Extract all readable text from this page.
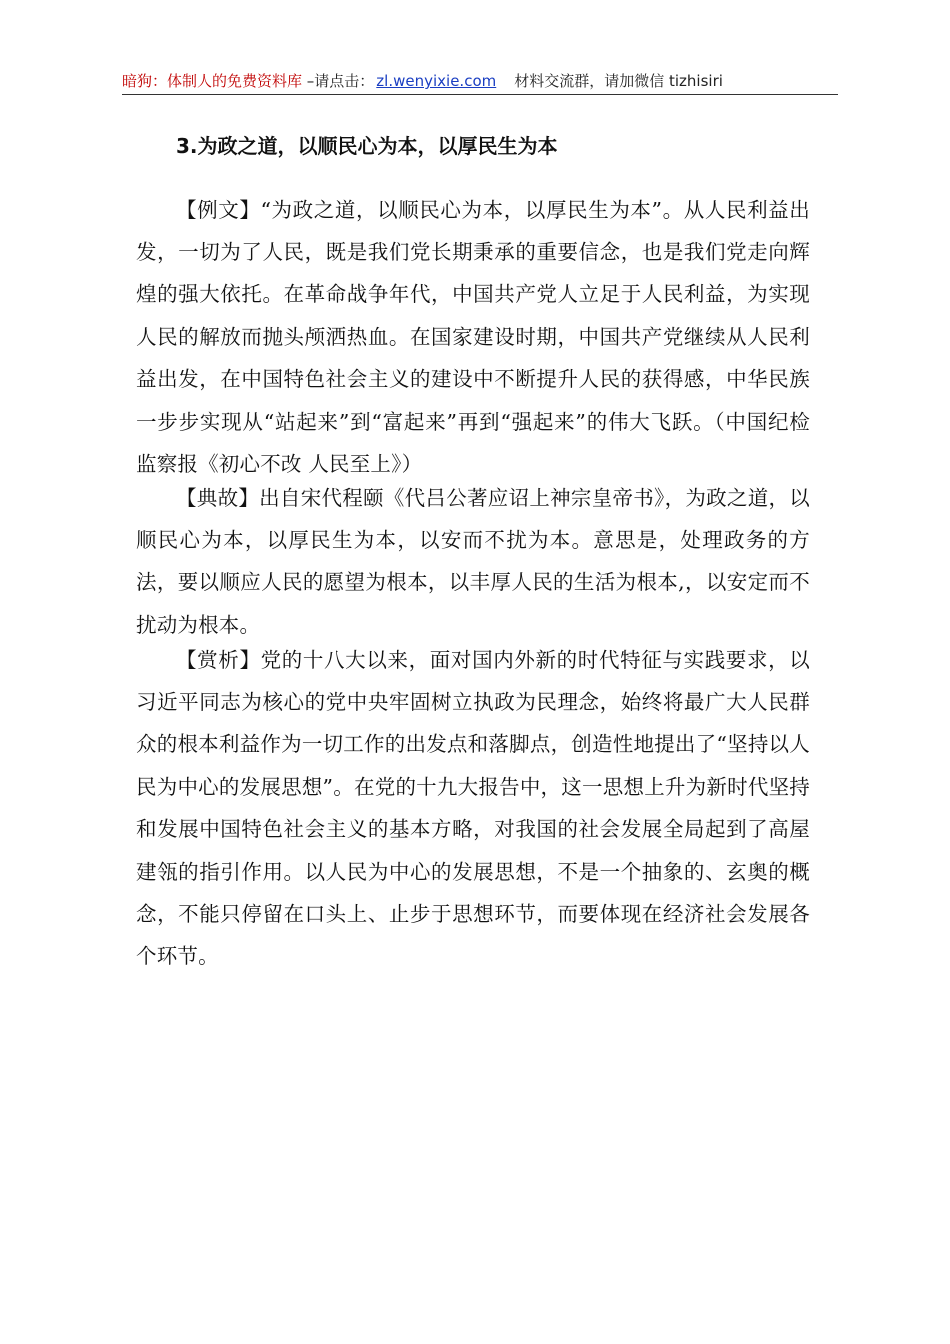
暗狗：体制人的免费资料库 –请点击： zl.wenyixie.com 材料交流群，请加微信 tizhisiri
3.为政之道，以顺民心为本，以厚民生为本

【例文】“为政之道，以顺民心为本，以厚民生为本”。从人民利益出发，一切为了人民，既是我们党长期秉承的重要信念，也是我们党走向辉煌的强大依托。在革命战争年代，中国共产党人立足于人民利益，为实现人民的解放而抛头颅洒热血。在国家建设时期，中国共产党继续从人民利益出发，在中国特色社会主义的建设中不断提升人民的获得感，中华民族一步步实现从“站起来”到“富起来”再到“强起来”的伟大飞跃。（中国纪检监察报《初心不改 人民至上》）

【典故】出自宋代程颐《代吕公著应诏上神宗皇帝书》，为政之道，以顺民心为本，以厚民生为本，以安而不扰为本。意思是，处理政务的方法，要以顺应人民的愿望为根本，以丰厚人民的生活为根本,，以安定而不扰动为根本。

【赏析】党的十八大以来，面对国内外新的时代特征与实践要求，以习近平同志为核心的党中央牢固树立执政为民理念，始终将最广大人民群众的根本利益作为一切工作的出发点和落脚点，创造性地提出了“坚持以人民为中心的发展思想”。在党的十九大报告中，这一思想上升为新时代坚持和发展中国特色社会主义的基本方略，对我国的社会发展全局起到了高屋建瓴的指引作用。以人民为中心的发展思想，不是一个抽象的、玄奥的概念，不能只停留在口头上、止步于思想环节，而要体现在经济社会发展各个环节。
